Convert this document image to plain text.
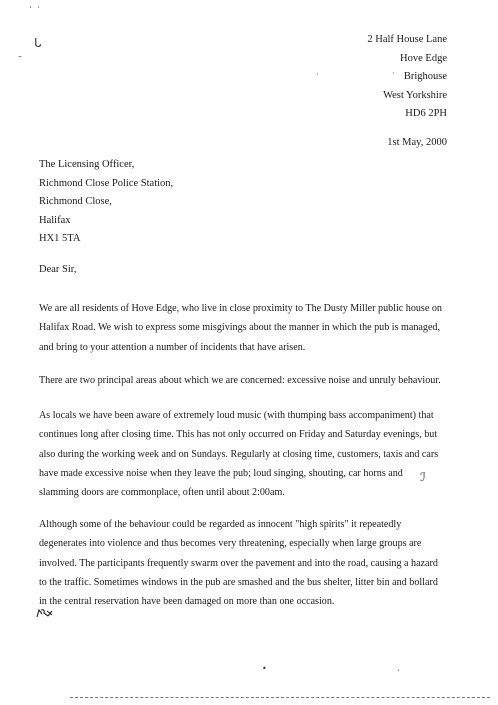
˙ ˙
ᒐ
–
2 Half House Lane
Hove Edge
Brighouse
West Yorkshire
HD6 2PH
1st May, 2000
The Licensing Officer,
Richmond Close Police Station,
Richmond Close,
Halifax
HX1 5TA
Dear Sir,
We are all residents of Hove Edge, who live in close proximity to The Dusty Miller public house on
Halifax Road. We wish to express some misgivings about the manner in which the pub is managed,
and bring to your attention a number of incidents that have arisen.
There are two principal areas about which we are concerned: excessive noise and unruly behaviour.
As locals we have been aware of extremely loud music (with thumping bass accompaniment) that
continues long after closing time. This has not only occurred on Friday and Saturday evenings, but
also during the working week and on Sundays. Regularly at closing time, customers, taxis and cars
have made excessive noise when they leave the pub; loud singing, shouting, car horns and
slamming doors are commonplace, often until about 2:00am.
ℐ
Although some of the behaviour could be regarded as innocent "high spirits" it repeatedly
degenerates into violence and thus becomes very threatening, especially when large groups are
involved. The participants frequently swarm over the pavement and into the road, causing a hazard
to the traffic. Sometimes windows in the pub are smashed and the bus shelter, litter bin and bollard
in the central reservation have been damaged on more than one occasion.
•	ˏ
·	·
